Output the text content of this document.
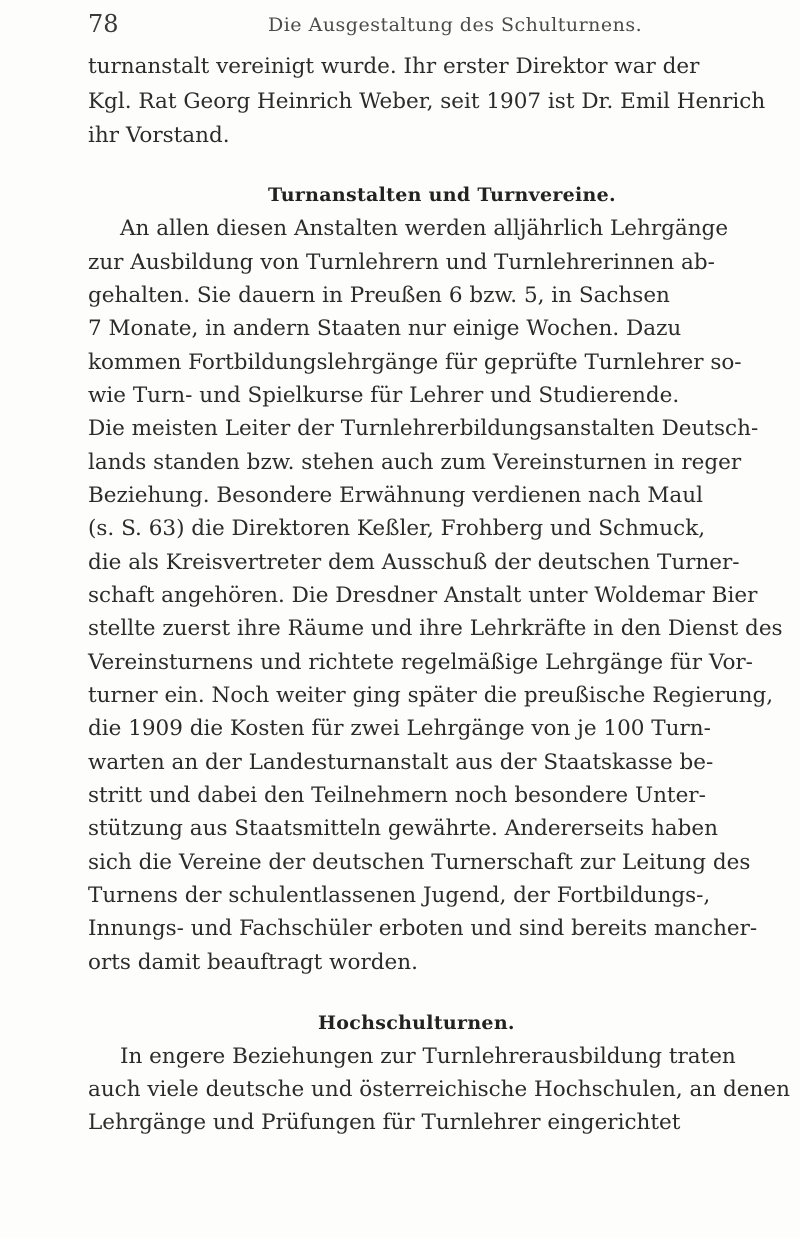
78	Die Ausgestaltung des Schulturnens.
turnanstalt vereinigt wurde. Ihr erster Direktor war der
Kgl. Rat Georg Heinrich Weber, seit 1907 ist Dr. Emil Henrich
ihr Vorstand.
Turnanstalten und Turnvereine.
An allen diesen Anstalten werden alljährlich Lehrgänge
zur Ausbildung von Turnlehrern und Turnlehrerinnen ab-
gehalten. Sie dauern in Preußen 6 bzw. 5, in Sachsen
7 Monate, in andern Staaten nur einige Wochen. Dazu
kommen Fortbildungslehrgänge für geprüfte Turnlehrer so-
wie Turn- und Spielkurse für Lehrer und Studierende.
Die meisten Leiter der Turnlehrerbildungsanstalten Deutsch-
lands standen bzw. stehen auch zum Vereinsturnen in reger
Beziehung. Besondere Erwähnung verdienen nach Maul
(s. S. 63) die Direktoren Keßler, Frohberg und Schmuck,
die als Kreisvertreter dem Ausschuß der deutschen Turner-
schaft angehören. Die Dresdner Anstalt unter Woldemar Bier
stellte zuerst ihre Räume und ihre Lehrkräfte in den Dienst des
Vereinsturnens und richtete regelmäßige Lehrgänge für Vor-
turner ein. Noch weiter ging später die preußische Regierung,
die 1909 die Kosten für zwei Lehrgänge von je 100 Turn-
warten an der Landesturnanstalt aus der Staatskasse be-
stritt und dabei den Teilnehmern noch besondere Unter-
stützung aus Staatsmitteln gewährte. Andererseits haben
sich die Vereine der deutschen Turnerschaft zur Leitung des
Turnens der schulentlassenen Jugend, der Fortbildungs-,
Innungs- und Fachschüler erboten und sind bereits mancher-
orts damit beauftragt worden.
Hochschulturnen.
In engere Beziehungen zur Turnlehrerausbildung traten
auch viele deutsche und österreichische Hochschulen, an denen
Lehrgänge und Prüfungen für Turnlehrer eingerichtet
